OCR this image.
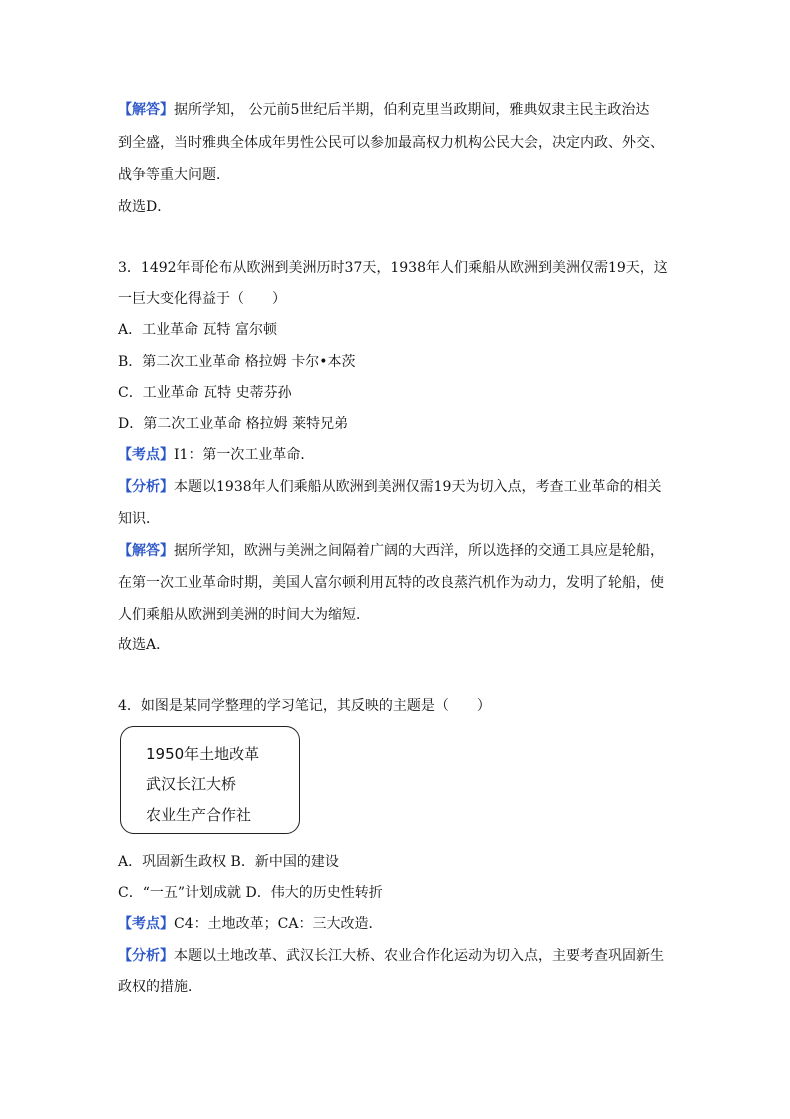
【解答】据所学知， 公元前5世纪后半期，伯利克里当政期间，雅典奴隶主民主政治达
到全盛，当时雅典全体成年男性公民可以参加最高权力机构公民大会，决定内政、外交、
战争等重大问题．
故选D．
3．1492年哥伦布从欧洲到美洲历时37天，1938年人们乘船从欧洲到美洲仅需19天，这
一巨大变化得益于（　　）
A．工业革命 瓦特 富尔顿
B．第二次工业革命 格拉姆 卡尔•本茨
C．工业革命 瓦特 史蒂芬孙
D．第二次工业革命 格拉姆 莱特兄弟
【考点】I1：第一次工业革命．
【分析】本题以1938年人们乘船从欧洲到美洲仅需19天为切入点，考查工业革命的相关
知识．
【解答】据所学知，欧洲与美洲之间隔着广阔的大西洋，所以选择的交通工具应是轮船，
在第一次工业革命时期，美国人富尔顿利用瓦特的改良蒸汽机作为动力，发明了轮船，使
人们乘船从欧洲到美洲的时间大为缩短．
故选A．
4．如图是某同学整理的学习笔记，其反映的主题是（　　）
1950年土地改革
武汉长江大桥
农业生产合作社
A．巩固新生政权 B．新中国的建设
C．“一五”计划成就 D．伟大的历史性转折
【考点】C4：土地改革；CA：三大改造．
【分析】本题以土地改革、武汉长江大桥、农业合作化运动为切入点，主要考查巩固新生
政权的措施．
